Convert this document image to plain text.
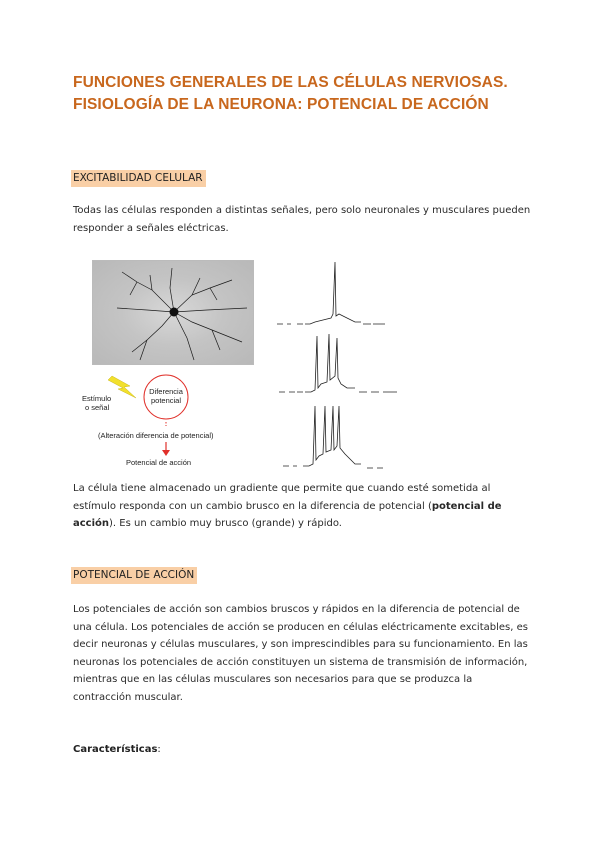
FUNCIONES GENERALES DE LAS CÉLULAS NERVIOSAS. FISIOLOGÍA DE LA NEURONA: POTENCIAL DE ACCIÓN
EXCITABILIDAD CELULAR
Todas las células responden a distintas señales, pero solo neuronales y musculares pueden responder a señales eléctricas.
Estímulo
o señal
Diferencia
potencial
(Alteración diferencia de potencial)
Potencial de acción
La célula tiene almacenado un gradiente que permite que cuando esté sometida al estímulo responda con un cambio brusco en la diferencia de potencial (potencial de acción). Es un cambio muy brusco (grande) y rápido.
POTENCIAL DE ACCIÓN
Los potenciales de acción son cambios bruscos y rápidos en la diferencia de potencial de una célula. Los potenciales de acción se producen en células eléctricamente excitables, es decir neuronas y células musculares, y son imprescindibles para su funcionamiento. En las neuronas los potenciales de acción constituyen un sistema de transmisión de información, mientras que en las células musculares son necesarios para que se produzca la contracción muscular.
Características:
